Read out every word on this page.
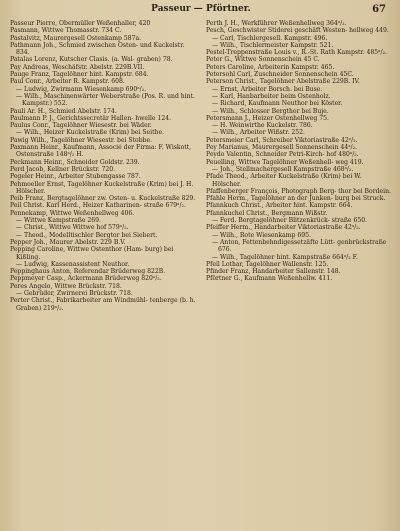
Passeur — Pförtner.	67

Passeur Pierre, Obermüller Weßenhaller, 420

Pasmann, Wittwe Thomasstr. 734 C.

Pastalvitz, Maurergesell Ostenkamp 587a.

Pathmann Joh., Schmied zwischen Osten- und Kuckelstr. 834.

Patalas Lorenz, Kutscher Clasis. (a. Wal- graben) 78.

Pay Andreas, Weschäfstr. Abelstr. 229B.VII.

Pauge Franz, Tagelöhner hint. Kampstr. 684.

Paul Conr., Arbeiter R. Kampstr. 608.

— Ludwig, Zwirmann Wiesenkamp 690ᵃ/₂.

— Wilh., Maschinenwärter Weberstraße (Pos. R. und hint. Kampstr.) 552.

Pauli Ar. H., Schmied Abelstr. 174.

Paulmann P. J., Gerichtssecretär Hallen- hwelle 124.

Paulus Conr., Tagelöhner Wiesestr. bei Wäder.

— Wilh., Heizer Kuckelstraße (Krim) bei Seithe.

Pawig Wilh., Tagelöhner Wiesestr. bei Stobbe.

Paxmann Heinr., Kaufmann, Associé der Firma: F. Wiskott, Ostenstraße 148ᵃ/₂ H.

Peckmann Heinr., Schneider Goldstr. 239.

Perd Jacob, Kellner Brückstr. 720.

Pegeler Heinr., Arbeiter Stubengasse 787.

Pehmoeller Ernst, Tagelöhner Kuckelstraße (Krim) bei J. H. Hölscher.

Peib Franz, Bergtagelöhner zw. Osten- u. Kuckelstraße 829.

Peil Christ. Karl Herd., Heizer Katharinen- straße 679ᵃ/₂.

Pennekamp, Wittwe Weßenhellweg 406.

— Wittwe Kampstraße 269.

— Christ., Wittwe Wittwe hof 579ᵃ/₂.

— Theod., Modelltischler Bergtor bei Siebert.

Pepper Joh., Maurer Abelstr. 229 B.V.

Pepping Caroline, Wittwe Ostenthor (Ham- burg) bei Kißling.

— Ludwig, Kassenassistent Neuthor.

Peppinghaus Anton, Referendar Brüderweg 822B.

Peppmeyer Casp., Ackermann Brüderweg 820ᵃ/₂.

Peres Angelo, Wittwe Brückstr. 718.

— Gebrüder, Zwirnerei Brückstr. 718.

Perter Christ., Fabrikarbeiter am Windmühl- tenberge (b. h. Graben) 219ᵃ/₂.

Perth J. H., Werkführer Weßenhellweg 364ᵃ/₂.

Pesch, Geschwister Stiderei geschäft Westen- hellweg 449.

— Carl, Tischlergesell. Kampstr. 496.

— Wilh., Tischlermeister Kampstr. 521.

Pestel-Treppenstraße Louis v., R.-St. Rath Kampstr. 485ᵃ/₂.

Peter G., Wittwe Sonnenschein 45 C.

Peters Caroline, Arbeiterin Kampstr. 465.

Petersohl Carl, Zuschneider Sonnenschein 45C.

Peterson Christ., Tagelöhner Abelstraße 229B. IV.

— Ernst, Arbeiter Borsch. bei Buse.

— Karl, Hanbarbeiter beim Ostenholz.

— Richard, Kaufmann Neuthor bei Köster.

— Wilh., Schlosser Bergthor bei Buje.

Petersmann J., Heizer Ostenhellweg 75.

— H. Weinwirthe Kuckelstr. 786.

— Wilh., Arbeiter Wißstr. 252.

Petersmeier Carl, Schreiber Viktoriastraße 42ᵃ/₂.

Pey Marianus, Maurergesell Sonnenschein 44ᵃ/₂.

Peydo Valentin, Schneider Petri-Kirch- hof 480ᵃ/₂.

Peuelling, Wittwe Tagelöhner Weßenhell- weg 419.

— Joh., Stellmachergesell Kampstraße 468ᵃ/₂.

Pfade Theod., Arbeiter Kuckelstraße (Krim) bei W. Hölscher.

Pfaffenberger François, Photograph Berg- thor bei Bordein.

Pfahle Herm., Tagelöhner an der Junken- burg bei Struck.

Pfannkuch Christ., Arbeiter hint. Kampstr. 664.

Pfannkuchel Christ., Bergmann Wißstr.

— Ferd. Bergtagelöhner Blitzenkrück- straße 650.

Pfeiffer Herm., Handarbeiter Viktoriastraße 42ᵃ/₂.

— Wilh., Rote Wiesenkamp 695.

— Anton, Fettenbehndigessetzäfte Lütt- genbrückstraße 676.

— Wilh., Tagelöhner hint. Kampstraße 664ᵃ/₂ F.

Pfeil Lothar, Tagelöhner Wallenstr. 125.

Pfinder Franz, Handarbeiter Sallenstr. 148.

Pförtner G., Kaufmann Weßenhellw. 411.
